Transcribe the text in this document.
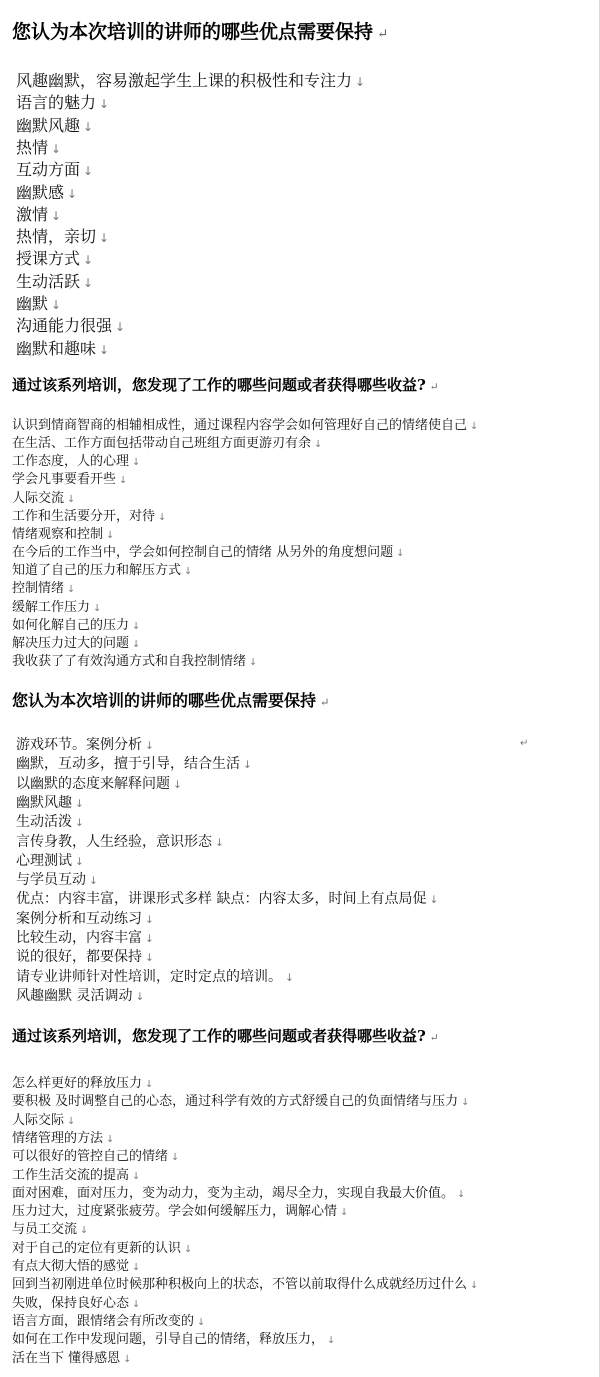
您认为本次培训的讲师的哪些优点需要保持 ↵
风趣幽默，容易激起学生上课的积极性和专注力 ↓
语言的魅力 ↓
幽默风趣 ↓
热情 ↓
互动方面 ↓
幽默感 ↓
激情 ↓
热情，亲切 ↓
授课方式 ↓
生动活跃 ↓
幽默 ↓
沟通能力很强 ↓
幽默和趣味 ↓
通过该系列培训，您发现了工作的哪些问题或者获得哪些收益? ↵
认识到情商智商的相辅相成性，通过课程内容学会如何管理好自己的情绪使自己 ↓
在生活、工作方面包括带动自己班组方面更游刃有余 ↓
工作态度，人的心理 ↓
学会凡事要看开些 ↓
人际交流 ↓
工作和生活要分开，对待 ↓
情绪观察和控制 ↓
在今后的工作当中，学会如何控制自己的情绪 从另外的角度想问题 ↓
知道了自己的压力和解压方式 ↓
控制情绪 ↓
缓解工作压力 ↓
如何化解自己的压力 ↓
解决压力过大的问题 ↓
我收获了了有效沟通方式和自我控制情绪 ↓
您认为本次培训的讲师的哪些优点需要保持 ↵
↵
游戏环节。案例分析 ↓
幽默，互动多，擅于引导，结合生活 ↓
以幽默的态度来解释问题 ↓
幽默风趣 ↓
生动活泼 ↓
言传身教，人生经验，意识形态 ↓
心理测试 ↓
与学员互动 ↓
优点：内容丰富，讲课形式多样 缺点：内容太多，时间上有点局促 ↓
案例分析和互动练习 ↓
比较生动，内容丰富 ↓
说的很好，都要保持 ↓
请专业讲师针对性培训，定时定点的培训。 ↓
风趣幽默 灵活调动 ↓
通过该系列培训，您发现了工作的哪些问题或者获得哪些收益? ↵
怎么样更好的释放压力 ↓
要积极 及时调整自己的心态，通过科学有效的方式舒缓自己的负面情绪与压力 ↓
人际交际 ↓
情绪管理的方法 ↓
可以很好的管控自己的情绪 ↓
工作生活交流的提高 ↓
面对困难，面对压力，变为动力，变为主动，竭尽全力，实现自我最大价值。 ↓
压力过大，过度紧张疲劳。学会如何缓解压力，调解心情 ↓
与员工交流 ↓
对于自己的定位有更新的认识 ↓
有点大彻大悟的感觉 ↓
回到当初刚进单位时候那种积极向上的状态，不管以前取得什么成就经历过什么 ↓
失败，保持良好心态 ↓
语言方面，跟情绪会有所改变的 ↓
如何在工作中发现问题，引导自己的情绪，释放压力， ↓
活在当下 懂得感恩 ↓
